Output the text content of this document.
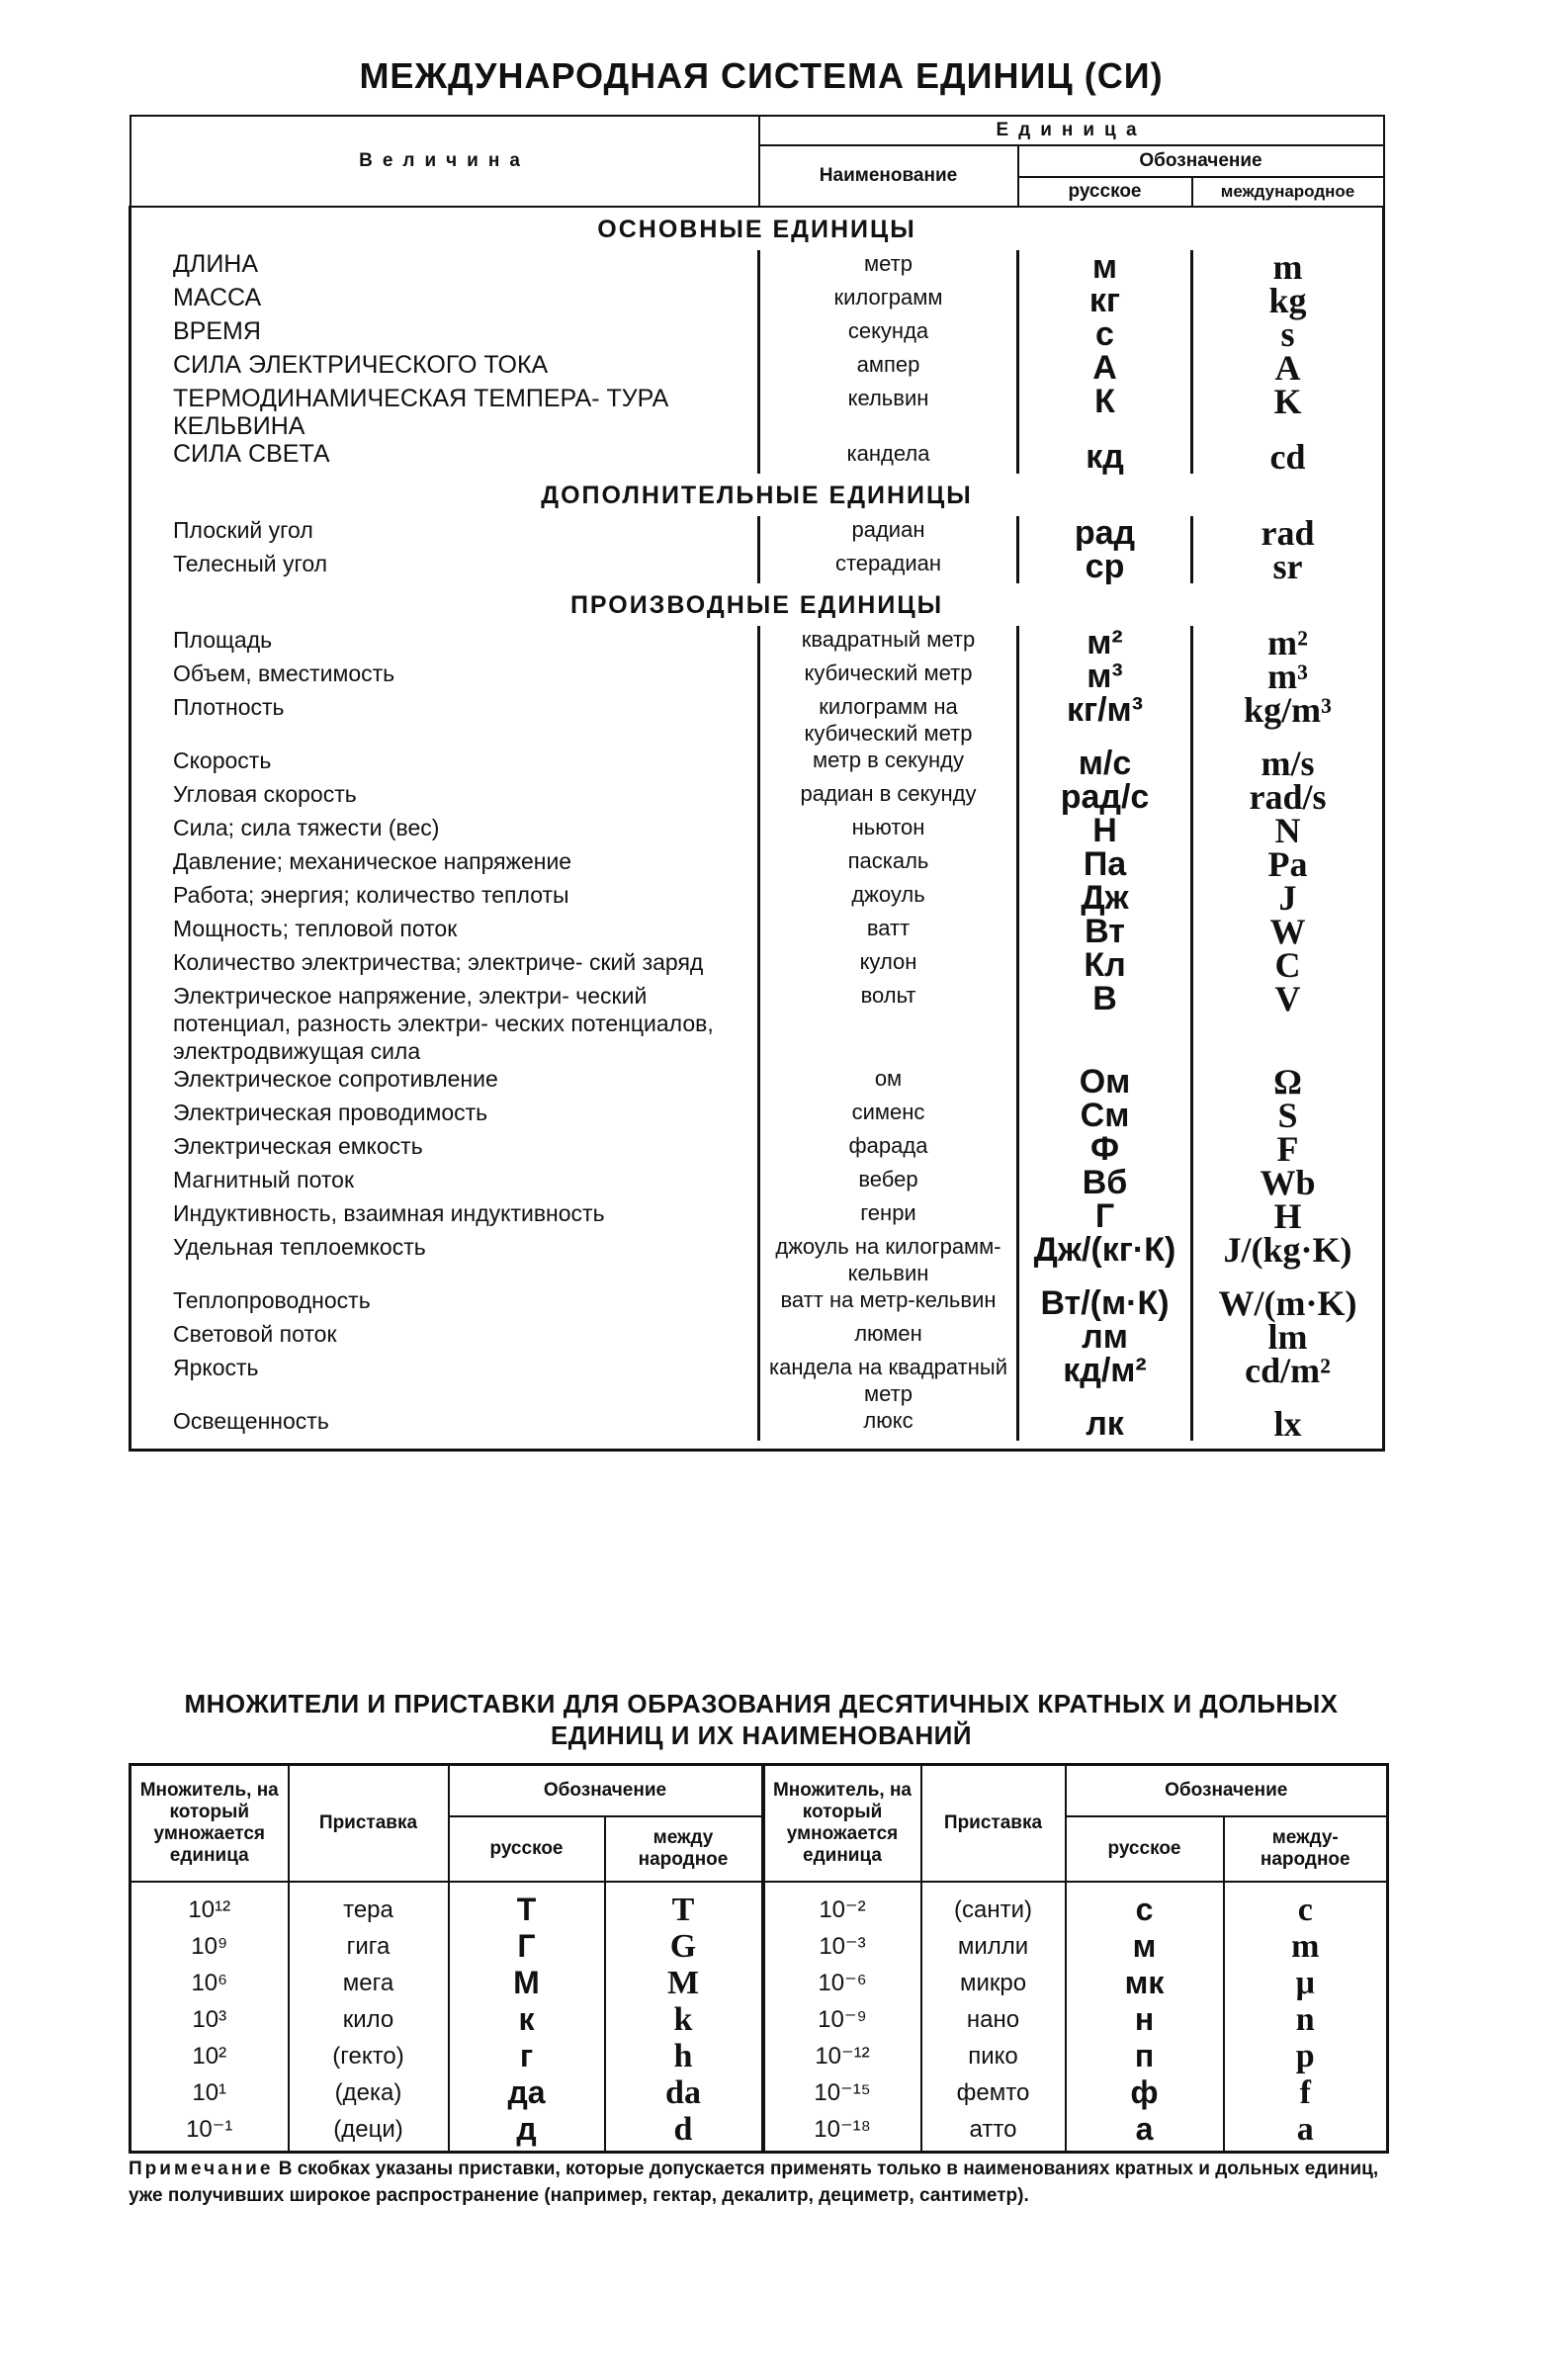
МЕЖДУНАРОДНАЯ СИСТЕМА ЕДИНИЦ (СИ)
Величина	Единица		
	Наименование	Обозначение	
		русское	международное
ОСНОВНЫЕ ЕДИНИЦЫ			
ДЛИНА	метр	м	m
МАССА	килограмм	кг	kg
ВРЕМЯ	секунда	с	s
СИЛА ЭЛЕКТРИЧЕСКОГО ТОКА	ампер	А	A
ТЕРМОДИНАМИЧЕСКАЯ ТЕМПЕРА- ТУРА КЕЛЬВИНА	кельвин	К	K
СИЛА СВЕТА	кандела	кд	cd
ДОПОЛНИТЕЛЬНЫЕ ЕДИНИЦЫ			
Плоский угол	радиан	рад	rad
Телесный угол	стерадиан	ср	sr
ПРОИЗВОДНЫЕ ЕДИНИЦЫ			
Площадь	квадратный метр	м²	m²
Объем, вместимость	кубический метр	м³	m³
Плотность	килограмм на кубический метр	кг/м³	kg/m³
Скорость	метр в секунду	м/с	m/s
Угловая скорость	радиан в секунду	рад/с	rad/s
Сила; сила тяжести (вес)	ньютон	Н	N
Давление; механическое напряжение	паскаль	Па	Pa
Работа; энергия; количество теплоты	джоуль	Дж	J
Мощность; тепловой поток	ватт	Вт	W
Количество электричества; электриче- ский заряд	кулон	Кл	C
Электрическое напряжение, электри- ческий потенциал, разность электри- ческих потенциалов, электродвижущая сила	вольт	В	V
Электрическое сопротивление	ом	Ом	Ω
Электрическая проводимость	сименс	См	S
Электрическая емкость	фарада	Ф	F
Магнитный поток	вебер	Вб	Wb
Индуктивность, взаимная индуктивность	генри	Г	H
Удельная теплоемкость	джоуль на килограмм-кельвин	Дж/(кг·К)	J/(kg·K)
Теплопроводность	ватт на метр-кельвин	Вт/(м·К)	W/(m·K)
Световой поток	люмен	лм	lm
Яркость	кандела на квадратный метр	кд/м²	cd/m²
Освещенность	люкс	лк	lx

МНОЖИТЕЛИ И ПРИСТАВКИ ДЛЯ ОБРАЗОВАНИЯ ДЕСЯТИЧНЫХ КРАТНЫХ И ДОЛЬНЫХ ЕДИНИЦ И ИХ НАИМЕНОВАНИЙ
Множитель, на который умножается единица	Приставка	Обозначение		Множитель, на который умножается единица	Приставка	Обозначение	
		русское	между народное			русское	между- народное
10¹²	тера	Т	T	10⁻²	(санти)	с	c
10⁹	гига	Г	G	10⁻³	милли	м	m
10⁶	мега	М	M	10⁻⁶	микро	мк	μ
10³	кило	к	k	10⁻⁹	нано	н	n
10²	(гекто)	г	h	10⁻¹²	пико	п	p
10¹	(дека)	да	da	10⁻¹⁵	фемто	ф	f
10⁻¹	(деци)	д	d	10⁻¹⁸	атто	а	a
Примечание В скобках указаны приставки, которые допускается применять только в наименованиях кратных и дольных единиц, уже получивших широкое распространение (например, гектар, декалитр, дециметр, сантиметр).
